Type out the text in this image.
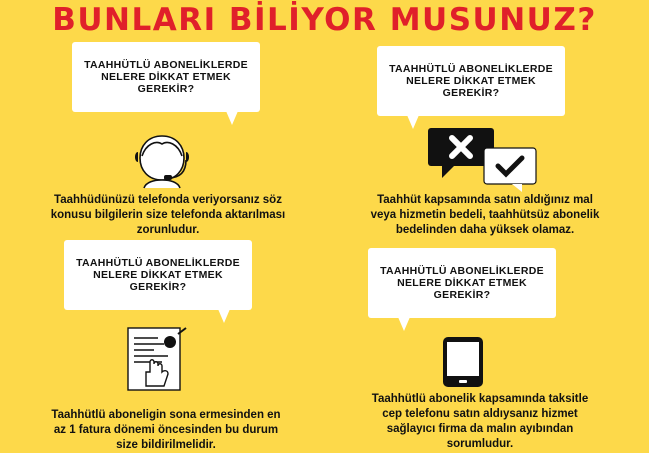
BUNLARI BİLİYOR MUSUNUZ?
TAAHHÜTLÜ ABONELİKLERDE
NELERE DİKKAT ETMEK
GEREKİR?
Taahhüdünüzü telefonda veriyorsanız söz
konusu bilgilerin size telefonda aktarılması
zorunludur.
TAAHHÜTLÜ ABONELİKLERDE
NELERE DİKKAT ETMEK
GEREKİR?
Taahhüt kapsamında satın aldığınız mal
veya hizmetin bedeli, taahhütsüz abonelik
bedelinden daha yüksek olamaz.
TAAHHÜTLÜ ABONELİKLERDE
NELERE DİKKAT ETMEK
GEREKİR?
Taahhütlü aboneligin sona ermesinden en
az 1 fatura dönemi öncesinden bu durum
size bildirilmelidir.
TAAHHÜTLÜ ABONELİKLERDE
NELERE DİKKAT ETMEK
GEREKİR?
Taahhütlü abonelik kapsamında taksitle
cep telefonu satın aldıysanız hizmet
sağlayıcı firma da malın ayıbından
sorumludur.
